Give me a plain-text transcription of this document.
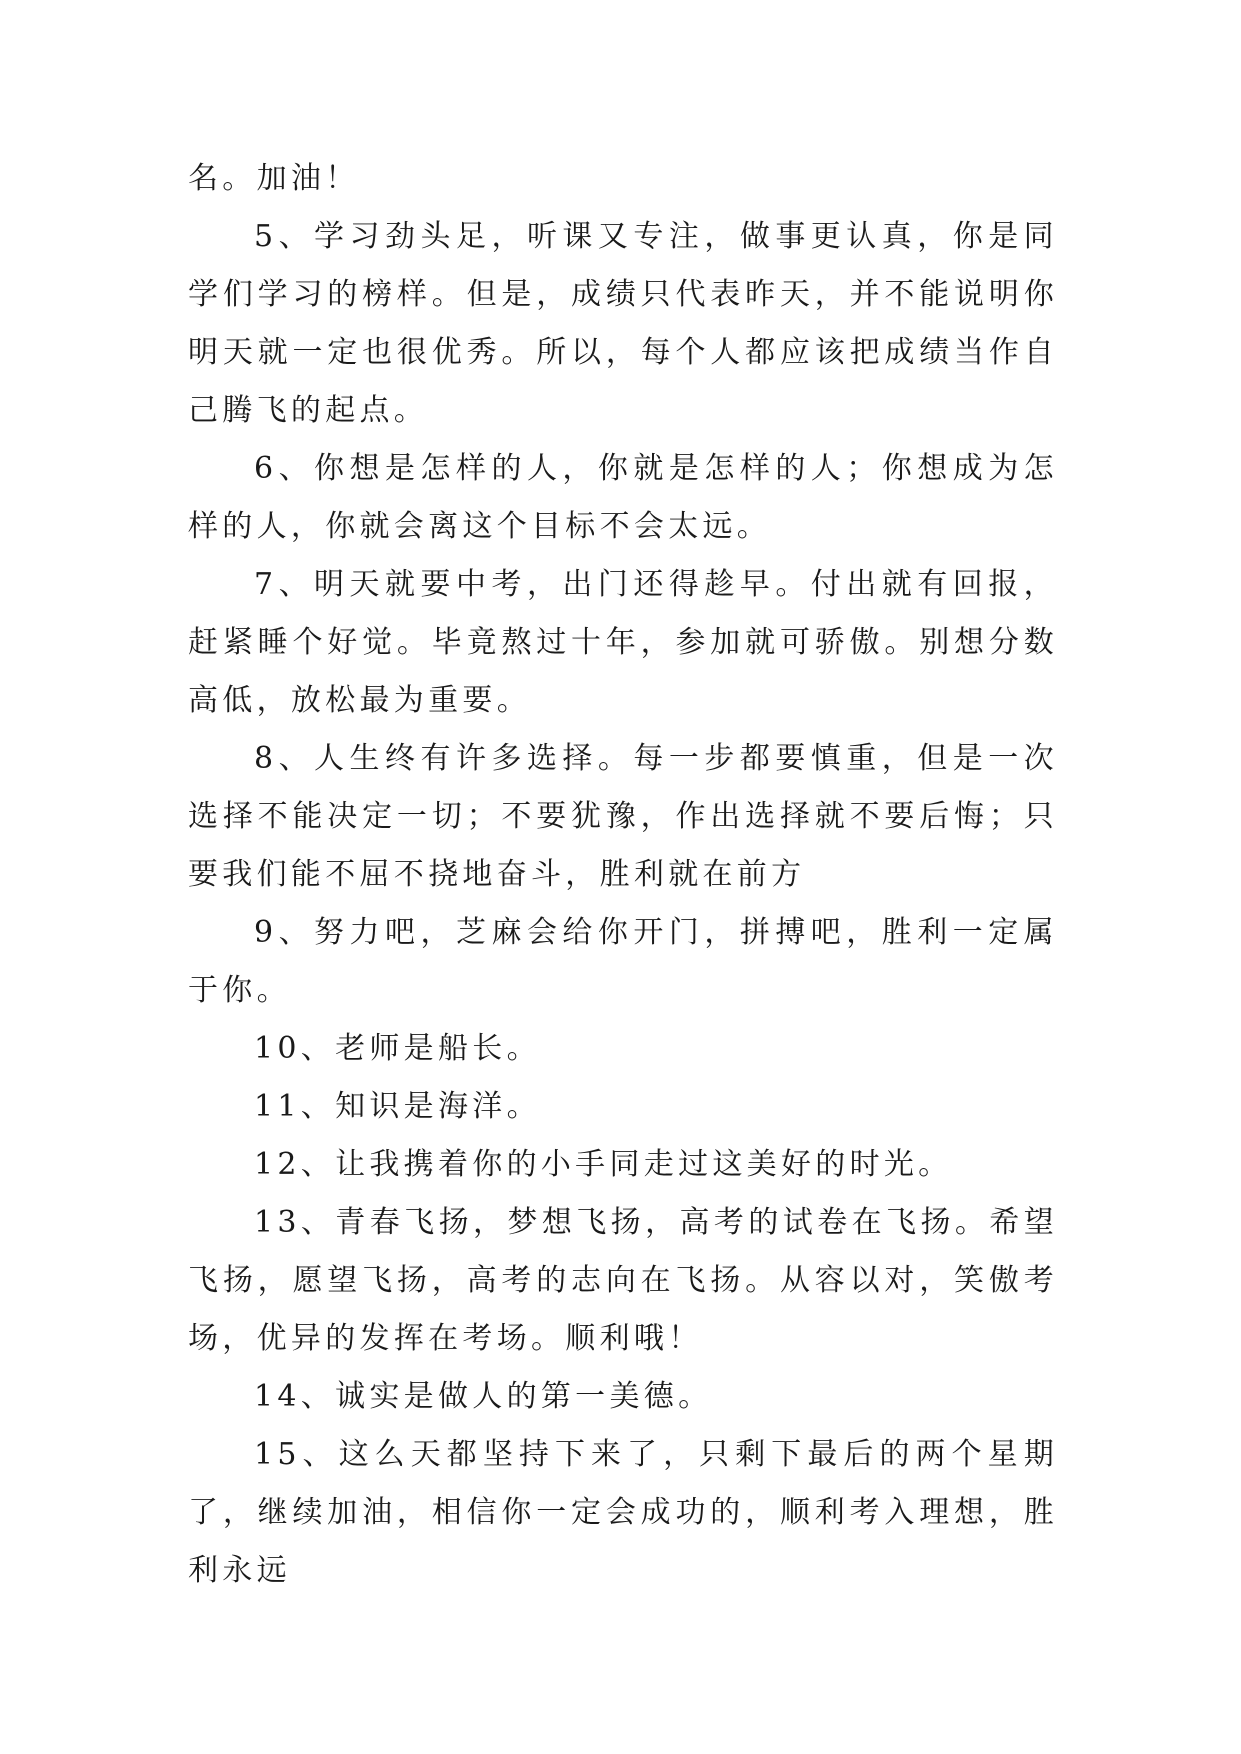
名。加油！

5、学习劲头足，听课又专注，做事更认真，你是同学们学习的榜样。但是，成绩只代表昨天，并不能说明你明天就一定也很优秀。所以，每个人都应该把成绩当作自己腾飞的起点。

6、你想是怎样的人，你就是怎样的人；你想成为怎样的人，你就会离这个目标不会太远。

7、明天就要中考，出门还得趁早。付出就有回报，赶紧睡个好觉。毕竟熬过十年，参加就可骄傲。别想分数高低，放松最为重要。

8、人生终有许多选择。每一步都要慎重，但是一次选择不能决定一切；不要犹豫，作出选择就不要后悔；只要我们能不屈不挠地奋斗，胜利就在前方

9、努力吧，芝麻会给你开门，拼搏吧，胜利一定属于你。

10、老师是船长。

11、知识是海洋。

12、让我携着你的小手同走过这美好的时光。

13、青春飞扬，梦想飞扬，高考的试卷在飞扬。希望飞扬，愿望飞扬，高考的志向在飞扬。从容以对，笑傲考场，优异的发挥在考场。顺利哦！

14、诚实是做人的第一美德。

15、这么天都坚持下来了，只剩下最后的两个星期了，继续加油，相信你一定会成功的，顺利考入理想，胜利永远
